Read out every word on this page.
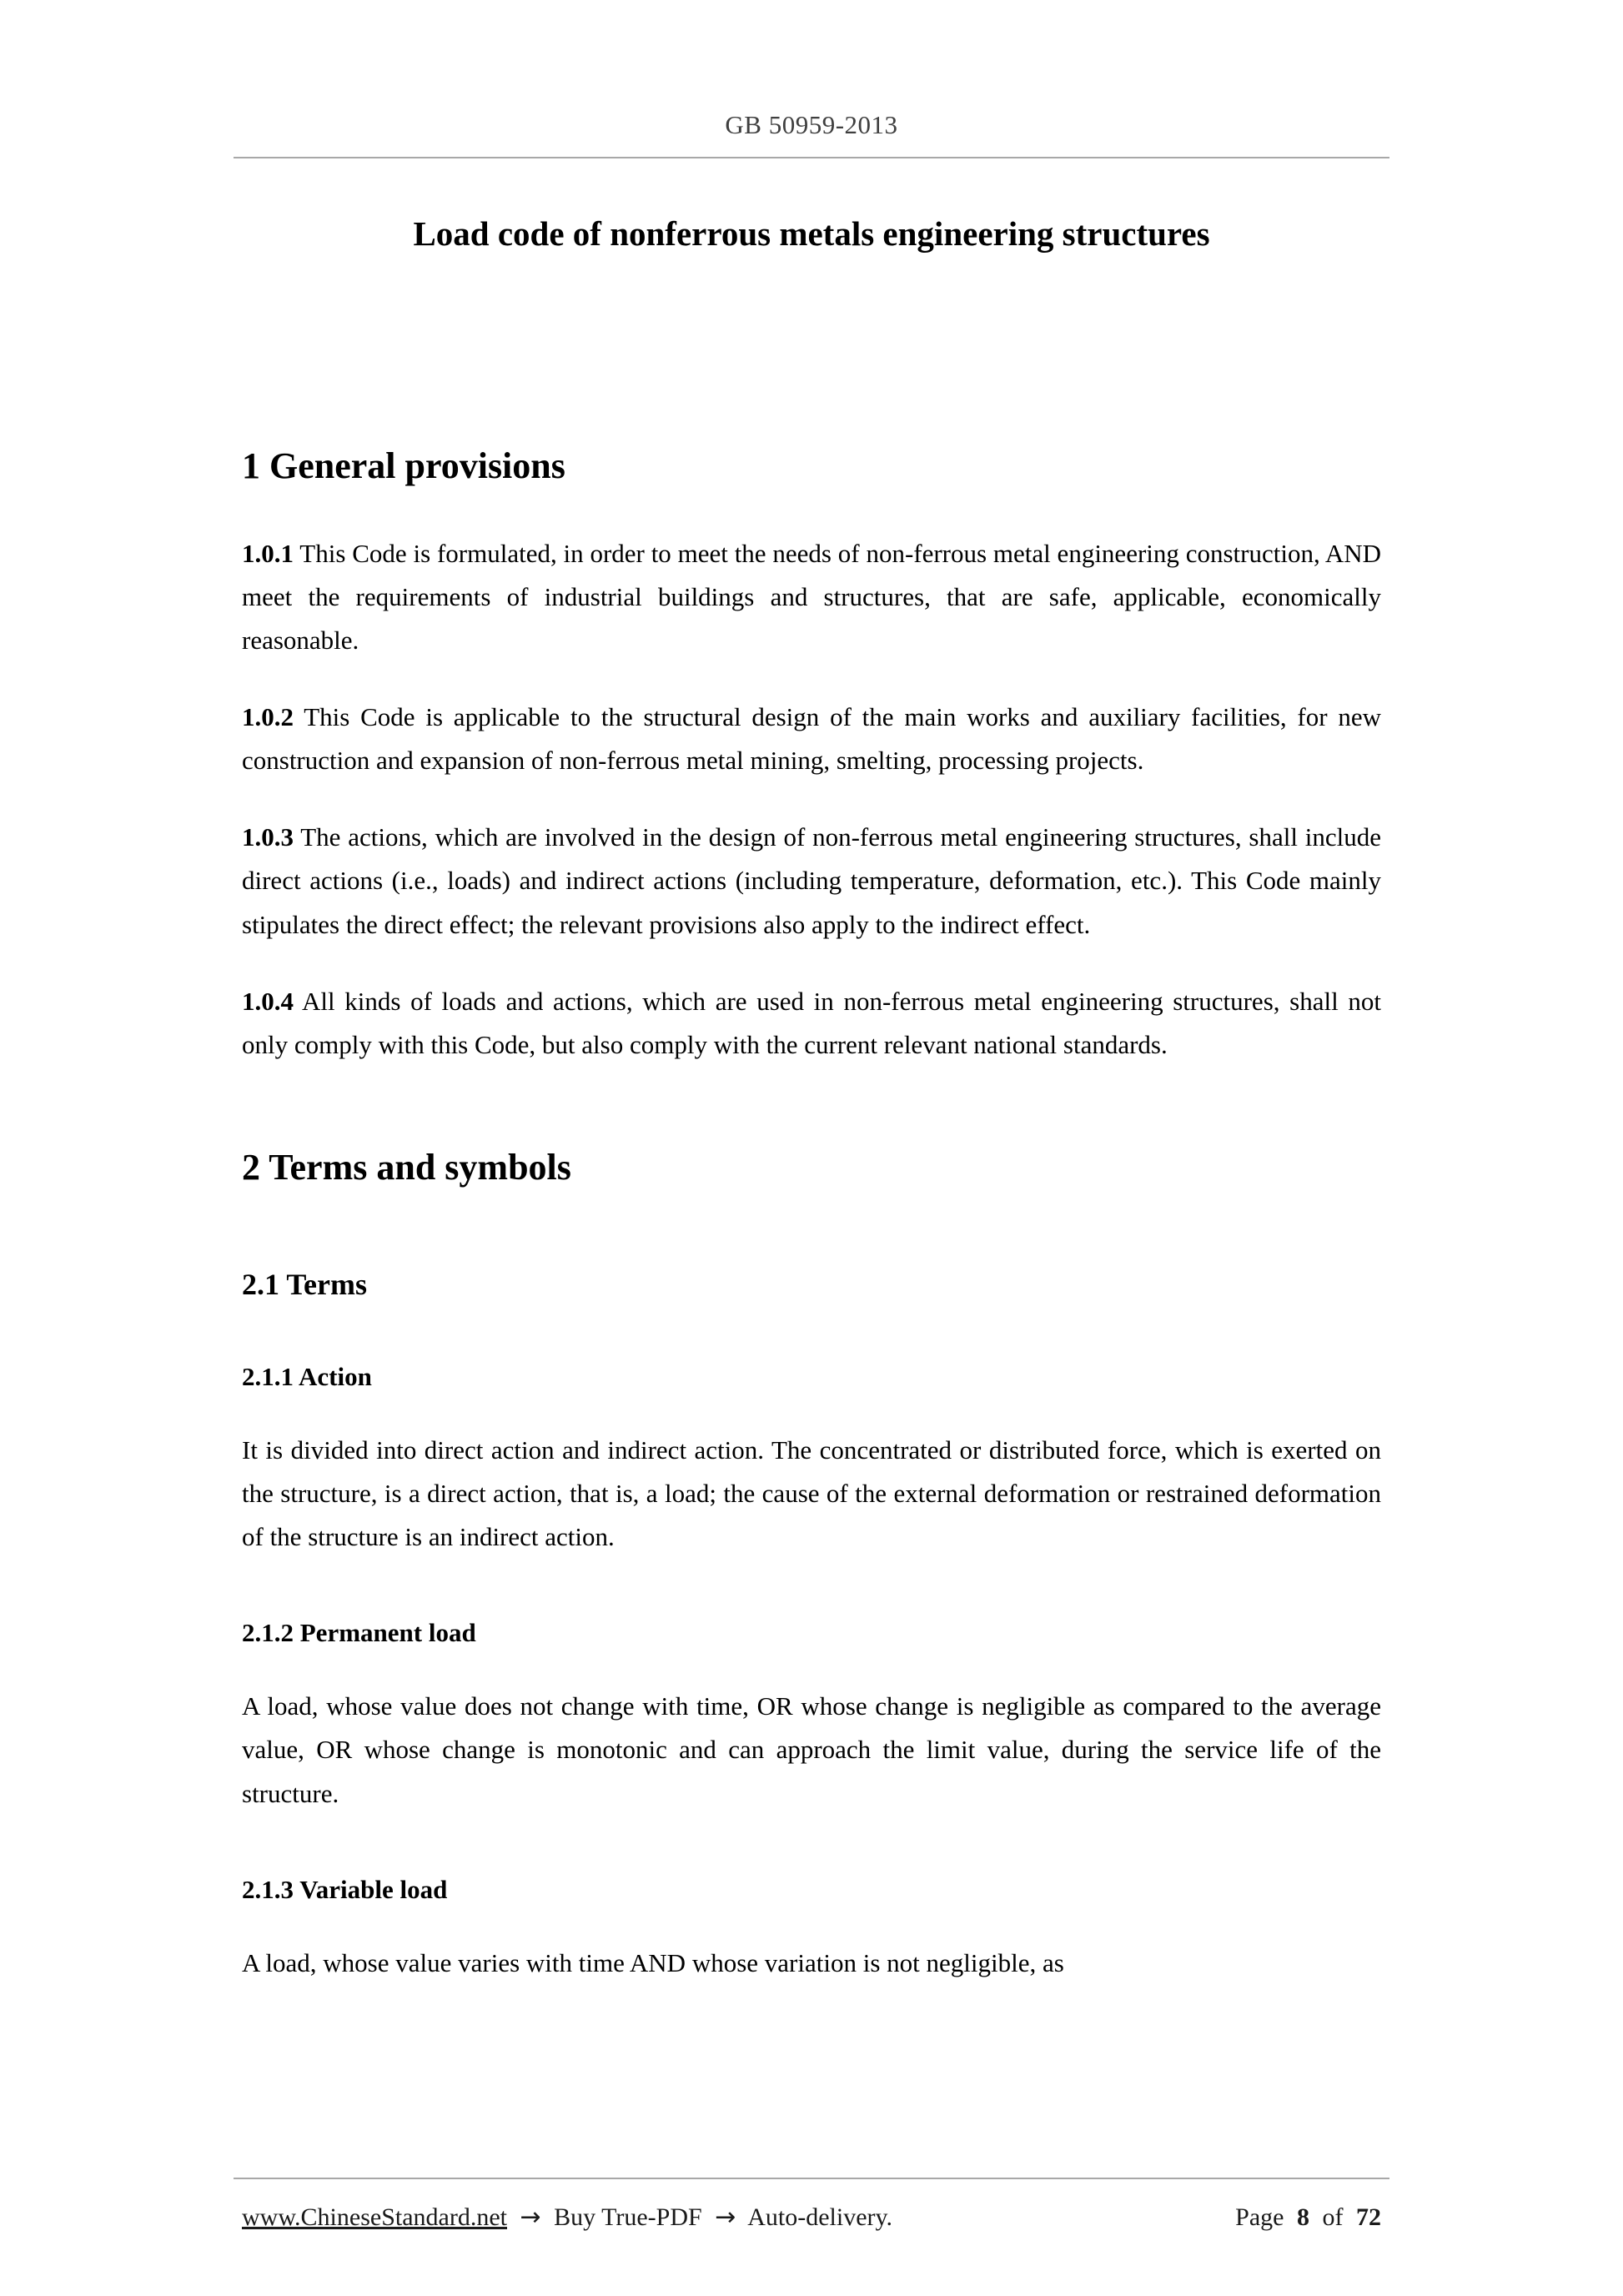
GB 50959-2013
Load code of nonferrous metals engineering structures
1 General provisions

1.0.1 This Code is formulated, in order to meet the needs of non-ferrous metal engineering construction, AND meet the requirements of industrial buildings and structures, that are safe, applicable, economically reasonable.

1.0.2 This Code is applicable to the structural design of the main works and auxiliary facilities, for new construction and expansion of non-ferrous metal mining, smelting, processing projects.

1.0.3 The actions, which are involved in the design of non-ferrous metal engineering structures, shall include direct actions (i.e., loads) and indirect actions (including temperature, deformation, etc.). This Code mainly stipulates the direct effect; the relevant provisions also apply to the indirect effect.

1.0.4 All kinds of loads and actions, which are used in non-ferrous metal engineering structures, shall not only comply with this Code, but also comply with the current relevant national standards.

2 Terms and symbols
2.1 Terms
2.1.1 Action

It is divided into direct action and indirect action. The concentrated or distributed force, which is exerted on the structure, is a direct action, that is, a load; the cause of the external deformation or restrained deformation of the structure is an indirect action.

2.1.2 Permanent load

A load, whose value does not change with time, OR whose change is negligible as compared to the average value, OR whose change is monotonic and can approach the limit value, during the service life of the structure.

2.1.3 Variable load

A load, whose value varies with time AND whose variation is not negligible, as

www.ChineseStandard.net → Buy True-PDF → Auto-delivery.	Page 8 of 72
